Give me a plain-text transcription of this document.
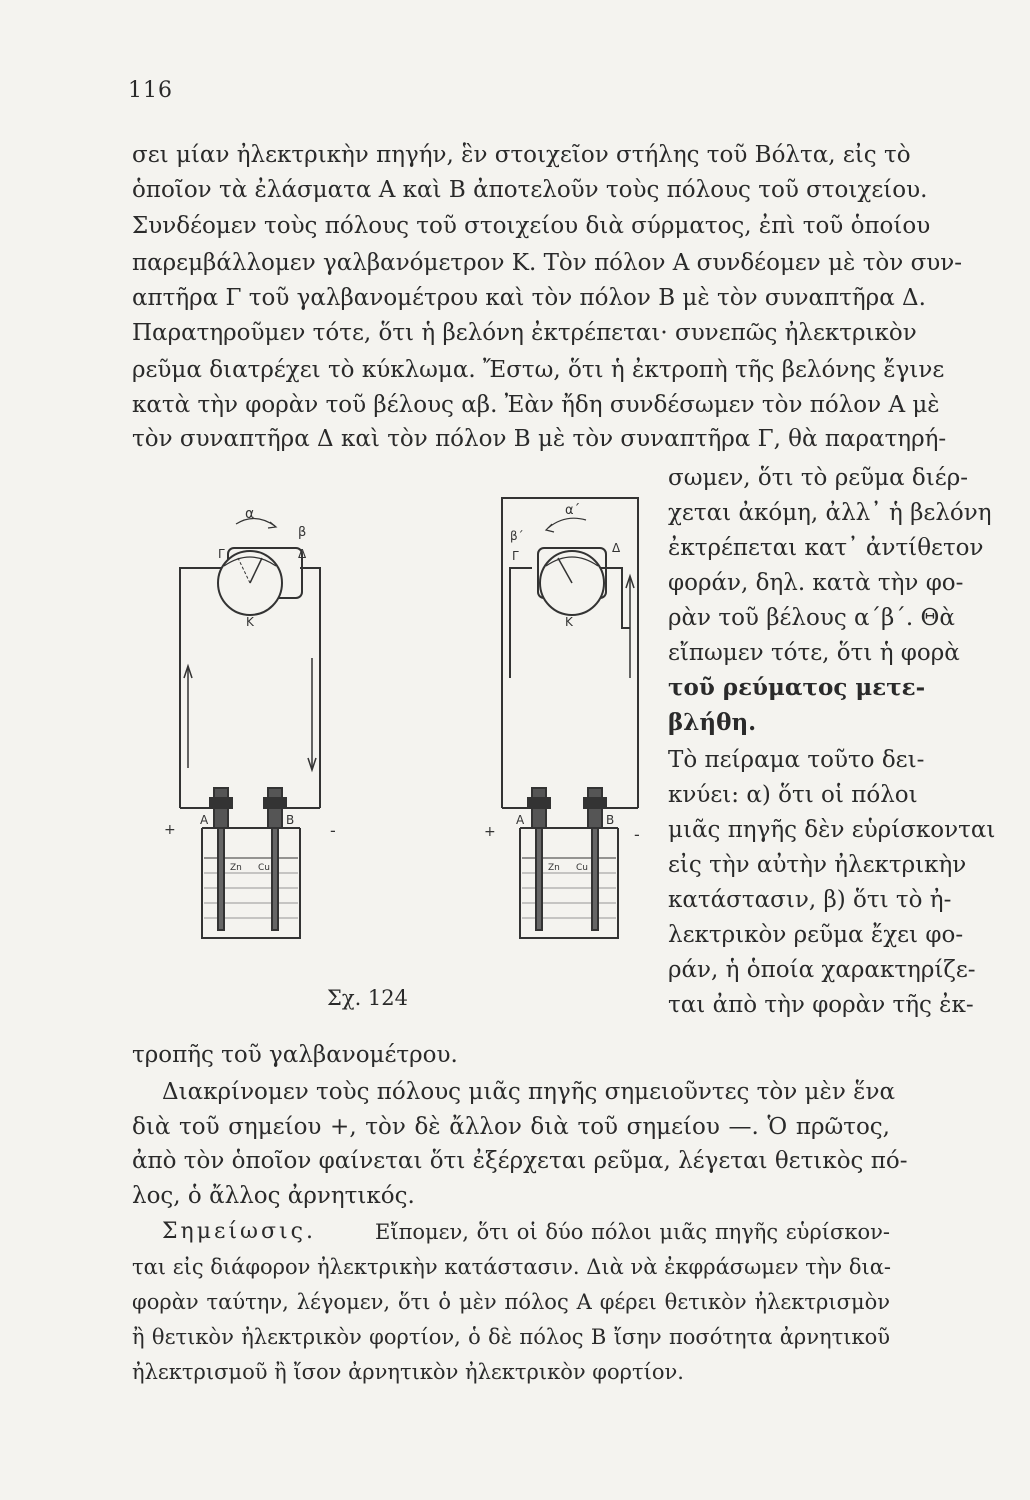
116
σει μίαν ἠλεκτρικὴν πηγήν, ἓν στοιχεῖον στήλης τοῦ Βόλτα, εἰς τὸ
ὁποῖον τὰ ἐλάσματα Α καὶ Β ἀποτελοῦν τοὺς πόλους τοῦ στοιχείου.
Συνδέομεν τοὺς πόλους τοῦ στοιχείου διὰ σύρματος, ἐπὶ τοῦ ὁποίου
παρεμβάλλομεν γαλβανόμετρον Κ. Τὸν πόλον Α συνδέομεν μὲ τὸν συν-
απτῆρα Γ τοῦ γαλβανομέτρου καὶ τὸν πόλον Β μὲ τὸν συναπτῆρα Δ.
Παρατηροῦμεν τότε, ὅτι ἡ βελόνη ἐκτρέπεται· συνεπῶς ἠλεκτρικὸν
ρεῦμα διατρέχει τὸ κύκλωμα. Ἔστω, ὅτι ἡ ἐκτροπὴ τῆς βελόνης ἔγινε
κατὰ τὴν φορὰν τοῦ βέλους αβ. Ἐὰν ἤδη συνδέσωμεν τὸν πόλον Α μὲ
τὸν συναπτῆρα Δ καὶ τὸν πόλον Β μὲ τὸν συναπτῆρα Γ, θὰ παρατηρή-
σωμεν, ὅτι τὸ ρεῦμα διέρ-
χεται ἀκόμη, ἀλλ᾽ ἡ βελόνη
ἐκτρέπεται κατ᾽ ἀντίθετον
φοράν, δηλ. κατὰ τὴν φο-
ρὰν τοῦ βέλους α΄β΄. Θὰ
εἴπωμεν τότε, ὅτι ἡ φορὰ
τοῦ ρεύματος μετε-
βλήθη.
Τὸ πείραμα τοῦτο δει-
κνύει: α) ὅτι οἱ πόλοι
μιᾶς πηγῆς δὲν εὑρίσκονται
εἰς τὴν αὐτὴν ἠλεκτρικὴν
κατάστασιν, β) ὅτι τὸ ἠ-
λεκτρικὸν ρεῦμα ἔχει φο-
ράν, ἡ ὁποία χαρακτηρίζε-
ται ἀπὸ τὴν φορὰν τῆς ἐκ-
α
β
Γ	Δ
Κ
Α	Β
+	-
Zn Cu
α΄
β΄
Γ
Δ
Κ
Α	Β
+	-
Zn Cu
Σχ. 124
τροπῆς τοῦ γαλβανομέτρου.
Διακρίνομεν τοὺς πόλους μιᾶς πηγῆς σημειοῦντες τὸν μὲν ἕνα
διὰ τοῦ σημείου +, τὸν δὲ ἄλλον διὰ τοῦ σημείου —. Ὁ πρῶτος,
ἀπὸ τὸν ὁποῖον φαίνεται ὅτι ἐξέρχεται ρεῦμα, λέγεται θετικὸς πό-
λος, ὁ ἄλλος ἀρνητικός.
Σημείωσις.	Εἴπομεν, ὅτι οἱ δύο πόλοι μιᾶς πηγῆς εὑρίσκον-
ται εἰς διάφορον ἠλεκτρικὴν κατάστασιν. Διὰ νὰ ἐκφράσωμεν τὴν δια-
φορὰν ταύτην, λέγομεν, ὅτι ὁ μὲν πόλος Α φέρει θετικὸν ἠλεκτρισμὸν
ἢ θετικὸν ἠλεκτρικὸν φορτίον, ὁ δὲ πόλος Β ἴσην ποσότητα ἀρνητικοῦ
ἠλεκτρισμοῦ ἢ ἴσον ἀρνητικὸν ἠλεκτρικὸν φορτίον.
